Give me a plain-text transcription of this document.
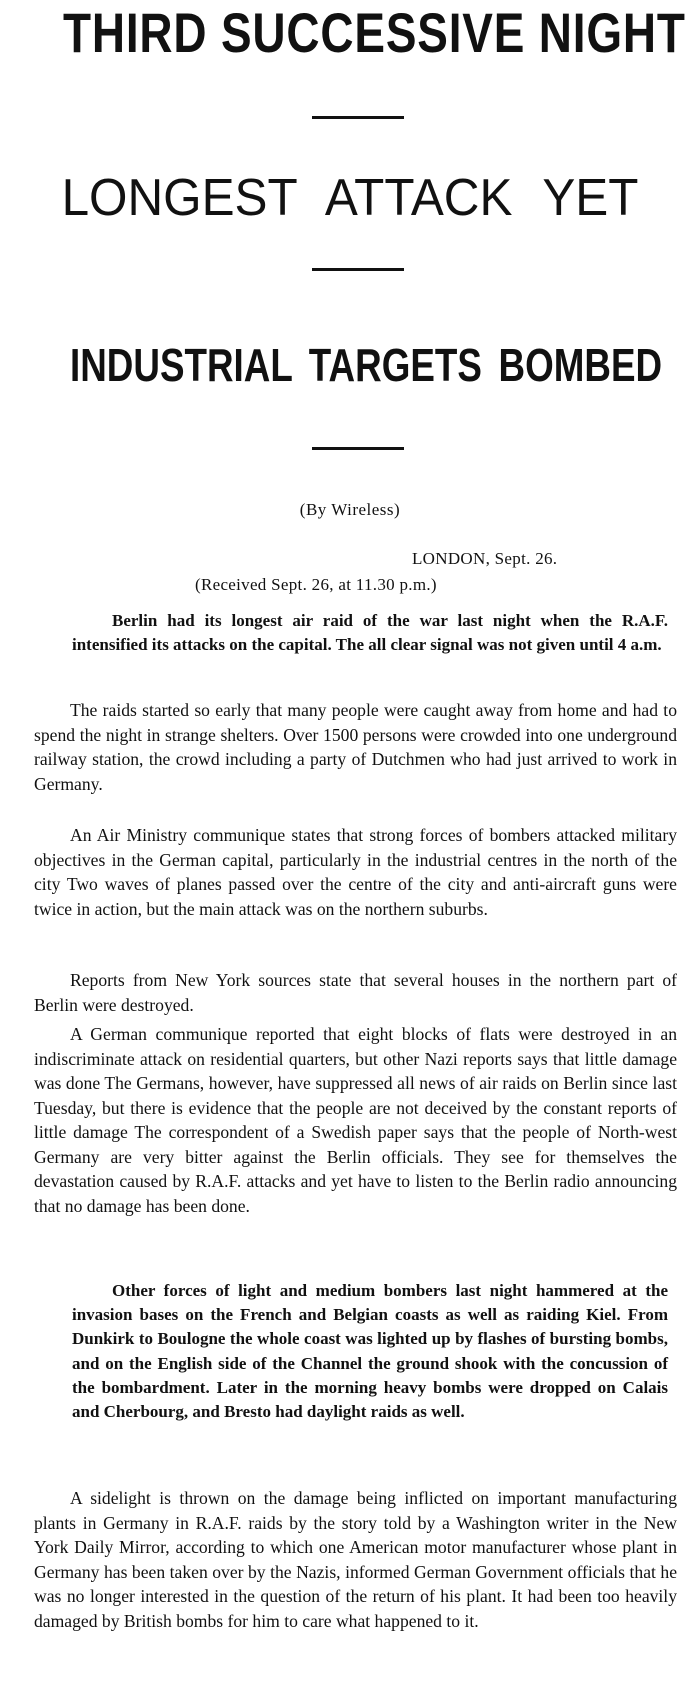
THIRD SUCCESSIVE NIGHT
LONGEST ATTACK YET
INDUSTRIAL TARGETS BOMBED
(By Wireless)
LONDON, Sept. 26.
(Received Sept. 26, at 11.30 p.m.)

Berlin had its longest air raid of the war last night when the R.A.F. intensified its attacks on the capital. The all clear signal was not given until 4 a.m.

The raids started so early that many people were caught away from home and had to spend the night in strange shelters. Over 1500 persons were crowded into one underground railway station, the crowd including a party of Dutchmen who had just arrived to work in Germany.

An Air Ministry communique states that strong forces of bombers attacked military objectives in the German capital, particularly in the industrial centres in the north of the city Two waves of planes passed over the centre of the city and anti-aircraft guns were twice in action, but the main attack was on the northern suburbs.

Reports from New York sources state that several houses in the northern part of Berlin were destroyed.

A German communique reported that eight blocks of flats were destroyed in an indiscriminate attack on residential quarters, but other Nazi reports says that little damage was done The Germans, however, have suppressed all news of air raids on Berlin since last Tuesday, but there is evidence that the people are not deceived by the constant reports of little damage The correspondent of a Swedish paper says that the people of North-west Germany are very bitter against the Berlin officials. They see for themselves the devastation caused by R.A.F. attacks and yet have to listen to the Berlin radio announcing that no damage has been done.

Other forces of light and medium bombers last night hammered at the invasion bases on the French and Belgian coasts as well as raiding Kiel. From Dunkirk to Boulogne the whole coast was lighted up by flashes of bursting bombs, and on the English side of the Channel the ground shook with the concussion of the bombardment. Later in the morning heavy bombs were dropped on Calais and Cherbourg, and Bresto had daylight raids as well.

A sidelight is thrown on the damage being inflicted on important manufacturing plants in Germany in R.A.F. raids by the story told by a Washington writer in the New York Daily Mirror, according to which one American motor manufacturer whose plant in Germany has been taken over by the Nazis, informed German Government officials that he was no longer interested in the question of the return of his plant. It had been too heavily damaged by British bombs for him to care what happened to it.
